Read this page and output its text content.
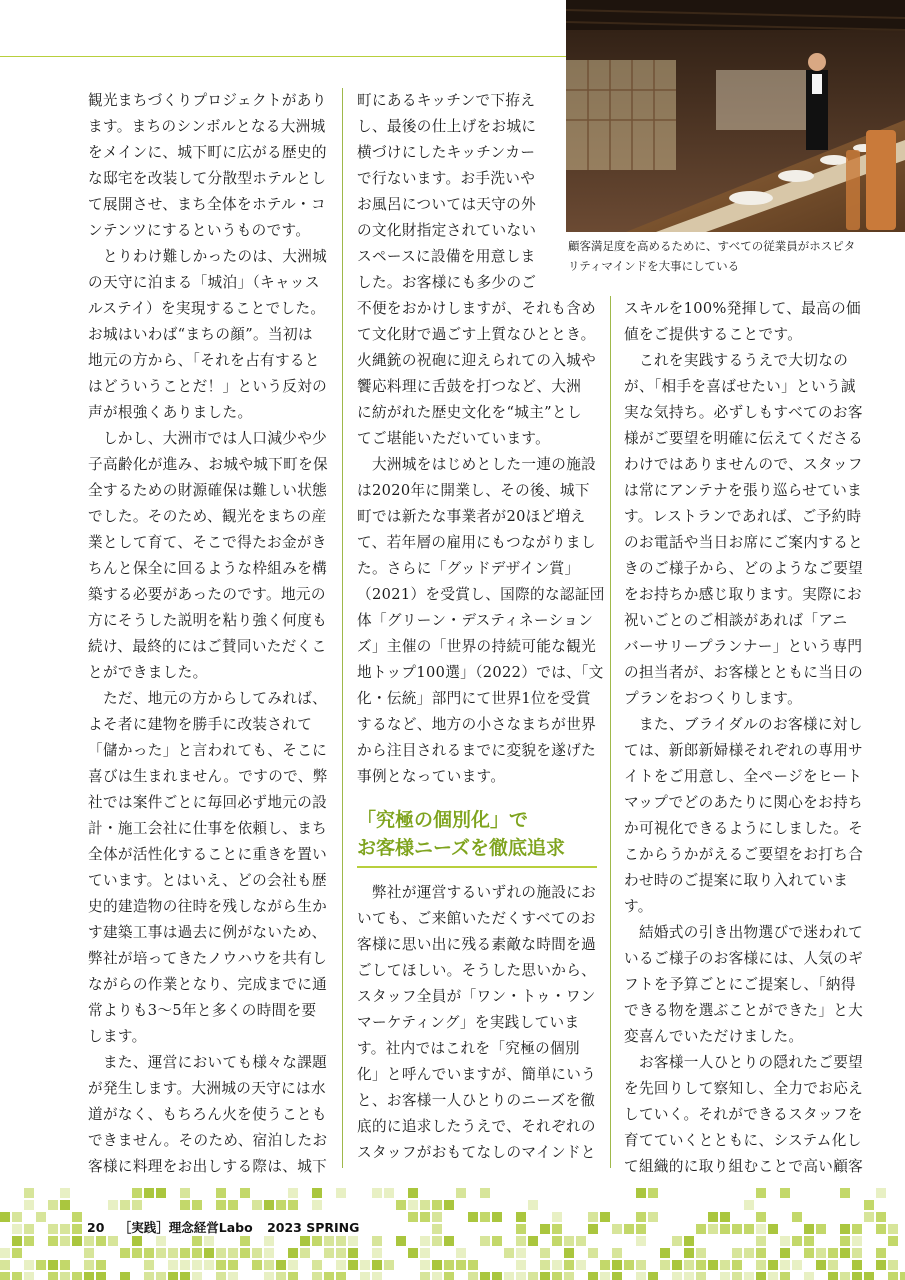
顧客満足度を高めるために、すべての従業員がホスピタ
リティマインドを大事にしている
観光まちづくりプロジェクトがあり
ます。まちのシンボルとなる大洲城
をメインに、城下町に広がる歴史的
な邸宅を改装して分散型ホテルとし
て展開させ、まち全体をホテル・コ
ンテンツにするというものです。
　とりわけ難しかったのは、大洲城
の天守に泊まる「城泊」（キャッス
ルステイ）を実現することでした。
お城はいわば“まちの顔”。当初は
地元の方から、「それを占有すると
はどういうことだ！」という反対の
声が根強くありました。
　しかし、大洲市では人口減少や少
子高齢化が進み、お城や城下町を保
全するための財源確保は難しい状態
でした。そのため、観光をまちの産
業として育て、そこで得たお金がき
ちんと保全に回るような枠組みを構
築する必要があったのです。地元の
方にそうした説明を粘り強く何度も
続け、最終的にはご賛同いただくこ
とができました。
　ただ、地元の方からしてみれば、
よそ者に建物を勝手に改装されて
「儲かった」と言われても、そこに
喜びは生まれません。ですので、弊
社では案件ごとに毎回必ず地元の設
計・施工会社に仕事を依頼し、まち
全体が活性化することに重きを置い
ています。とはいえ、どの会社も歴
史的建造物の往時を残しながら生か
す建築工事は過去に例がないため、
弊社が培ってきたノウハウを共有し
ながらの作業となり、完成までに通
常よりも3〜5年と多くの時間を要
します。
　また、運営においても様々な課題
が発生します。大洲城の天守には水
道がなく、もちろん火を使うことも
できません。そのため、宿泊したお
客様に料理をお出しする際は、城下
町にあるキッチンで下拵え
し、最後の仕上げをお城に
横づけにしたキッチンカー
で行ないます。お手洗いや
お風呂については天守の外
の文化財指定されていない
スペースに設備を用意しま
した。お客様にも多少のご
不便をおかけしますが、それも含め
て文化財で過ごす上質なひととき。
火縄銃の祝砲に迎えられての入城や
饗応料理に舌鼓を打つなど、大洲
に紡がれた歴史文化を“城主”とし
てご堪能いただいています。
　大洲城をはじめとした一連の施設
は2020年に開業し、その後、城下
町では新たな事業者が20ほど増え
て、若年層の雇用にもつながりまし
た。さらに「グッドデザイン賞」
（2021）を受賞し、国際的な認証団
体「グリーン・デスティネーション
ズ」主催の「世界の持続可能な観光
地トップ100選」（2022）では、「文
化・伝統」部門にて世界1位を受賞
するなど、地方の小さなまちが世界
から注目されるまでに変貌を遂げた
事例となっています。
「究極の個別化」で
お客様ニーズを徹底追求
　弊社が運営するいずれの施設にお
いても、ご来館いただくすべてのお
客様に思い出に残る素敵な時間を過
ごしてほしい。そうした思いから、
スタッフ全員が「ワン・トゥ・ワン
マーケティング」を実践していま
す。社内ではこれを「究極の個別
化」と呼んでいますが、簡単にいう
と、お客様一人ひとりのニーズを徹
底的に追求したうえで、それぞれの
スタッフがおもてなしのマインドと
スキルを100%発揮して、最高の価
値をご提供することです。
　これを実践するうえで大切なの
が、「相手を喜ばせたい」という誠
実な気持ち。必ずしもすべてのお客
様がご要望を明確に伝えてくださる
わけではありませんので、スタッフ
は常にアンテナを張り巡らせていま
す。レストランであれば、ご予約時
のお電話や当日お席にご案内すると
きのご様子から、どのようなご要望
をお持ちか感じ取ります。実際にお
祝いごとのご相談があれば「アニ
バーサリープランナー」という専門
の担当者が、お客様とともに当日の
プランをおつくりします。
　また、ブライダルのお客様に対し
ては、新郎新婦様それぞれの専用サ
イトをご用意し、全ページをヒート
マップでどのあたりに関心をお持ち
か可視化できるようにしました。そ
こからうかがえるご要望をお打ち合
わせ時のご提案に取り入れていま
す。
　結婚式の引き出物選びで迷われて
いるご様子のお客様には、人気のギ
フトを予算ごとにご提案し、「納得
できる物を選ぶことができた」と大
変喜んでいただけました。
　お客様一人ひとりの隠れたご要望
を先回りして察知し、全力でお応え
していく。それができるスタッフを
育てていくとともに、システム化し
て組織的に取り組むことで高い顧客
20 ［実践］理念経営Labo 2023 SPRING
